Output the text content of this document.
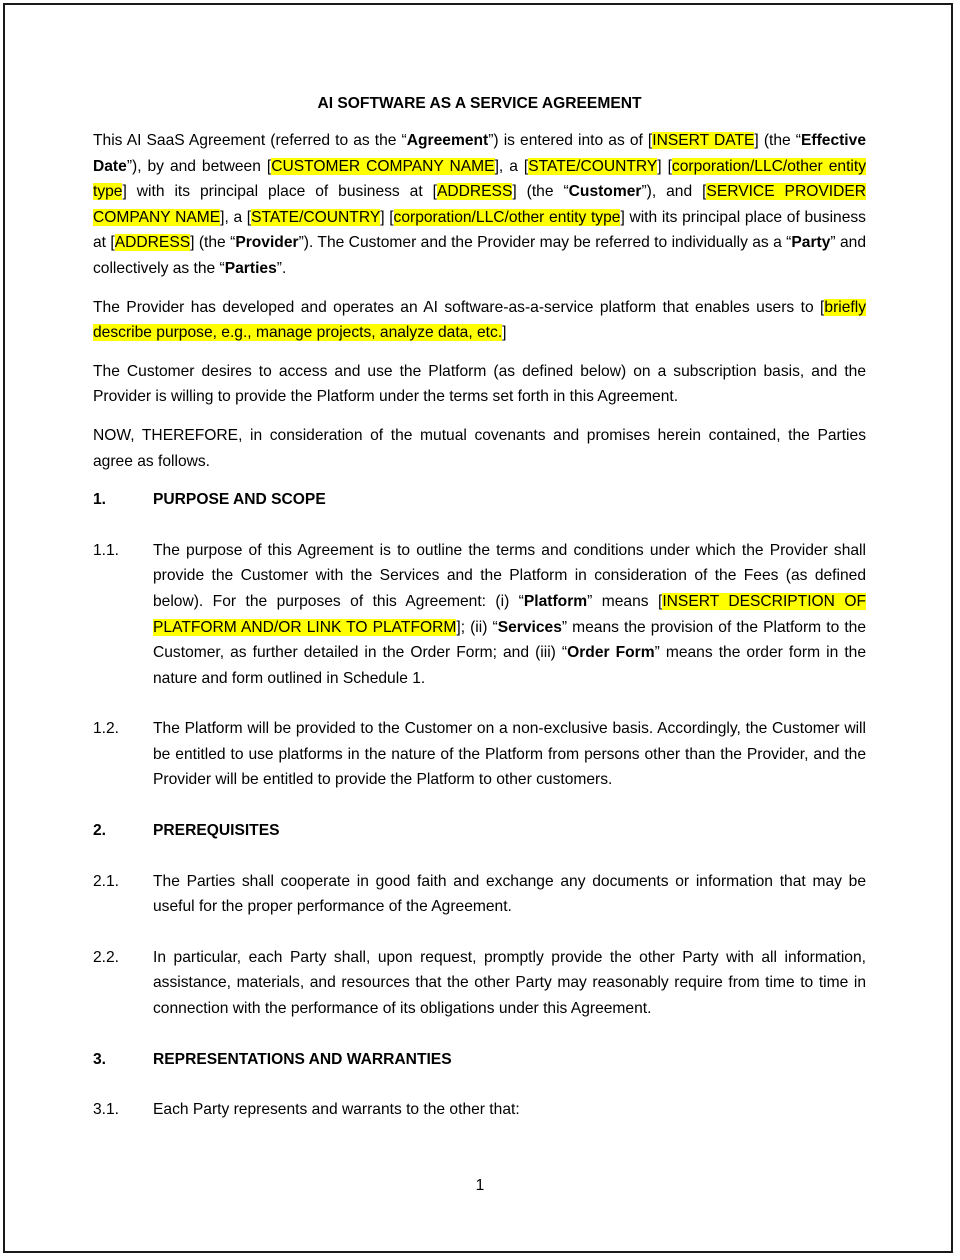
AI SOFTWARE AS A SERVICE AGREEMENT

This AI SaaS Agreement (referred to as the “Agreement”) is entered into as of [INSERT DATE] (the “Effective Date”), by and between [CUSTOMER COMPANY NAME], a [STATE/COUNTRY] [corporation/LLC/other entity type] with its principal place of business at [ADDRESS] (the “Customer”), and [SERVICE PROVIDER COMPANY NAME], a [STATE/COUNTRY] [corporation/LLC/other entity type] with its principal place of business at [ADDRESS] (the “Provider”). The Customer and the Provider may be referred to individually as a “Party” and collectively as the “Parties”.

The Provider has developed and operates an AI software-as-a-service platform that enables users to [briefly describe purpose, e.g., manage projects, analyze data, etc.]

The Customer desires to access and use the Platform (as defined below) on a subscription basis, and the Provider is willing to provide the Platform under the terms set forth in this Agreement.

NOW, THEREFORE, in consideration of the mutual covenants and promises herein contained, the Parties agree as follows.

1.	PURPOSE AND SCOPE
1.1.	The purpose of this Agreement is to outline the terms and conditions under which the Provider shall provide the Customer with the Services and the Platform in consideration of the Fees (as defined below). For the purposes of this Agreement: (i) “Platform” means [INSERT DESCRIPTION OF PLATFORM AND/OR LINK TO PLATFORM]; (ii) “Services” means the provision of the Platform to the Customer, as further detailed in the Order Form; and (iii) “Order Form” means the order form in the nature and form outlined in Schedule 1.
1.2.	The Platform will be provided to the Customer on a non-exclusive basis. Accordingly, the Customer will be entitled to use platforms in the nature of the Platform from persons other than the Provider, and the Provider will be entitled to provide the Platform to other customers.
2.	PREREQUISITES
2.1.	The Parties shall cooperate in good faith and exchange any documents or information that may be useful for the proper performance of the Agreement.
2.2.	In particular, each Party shall, upon request, promptly provide the other Party with all information, assistance, materials, and resources that the other Party may reasonably require from time to time in connection with the performance of its obligations under this Agreement.
3.	REPRESENTATIONS AND WARRANTIES
3.1.	Each Party represents and warrants to the other that:
1
